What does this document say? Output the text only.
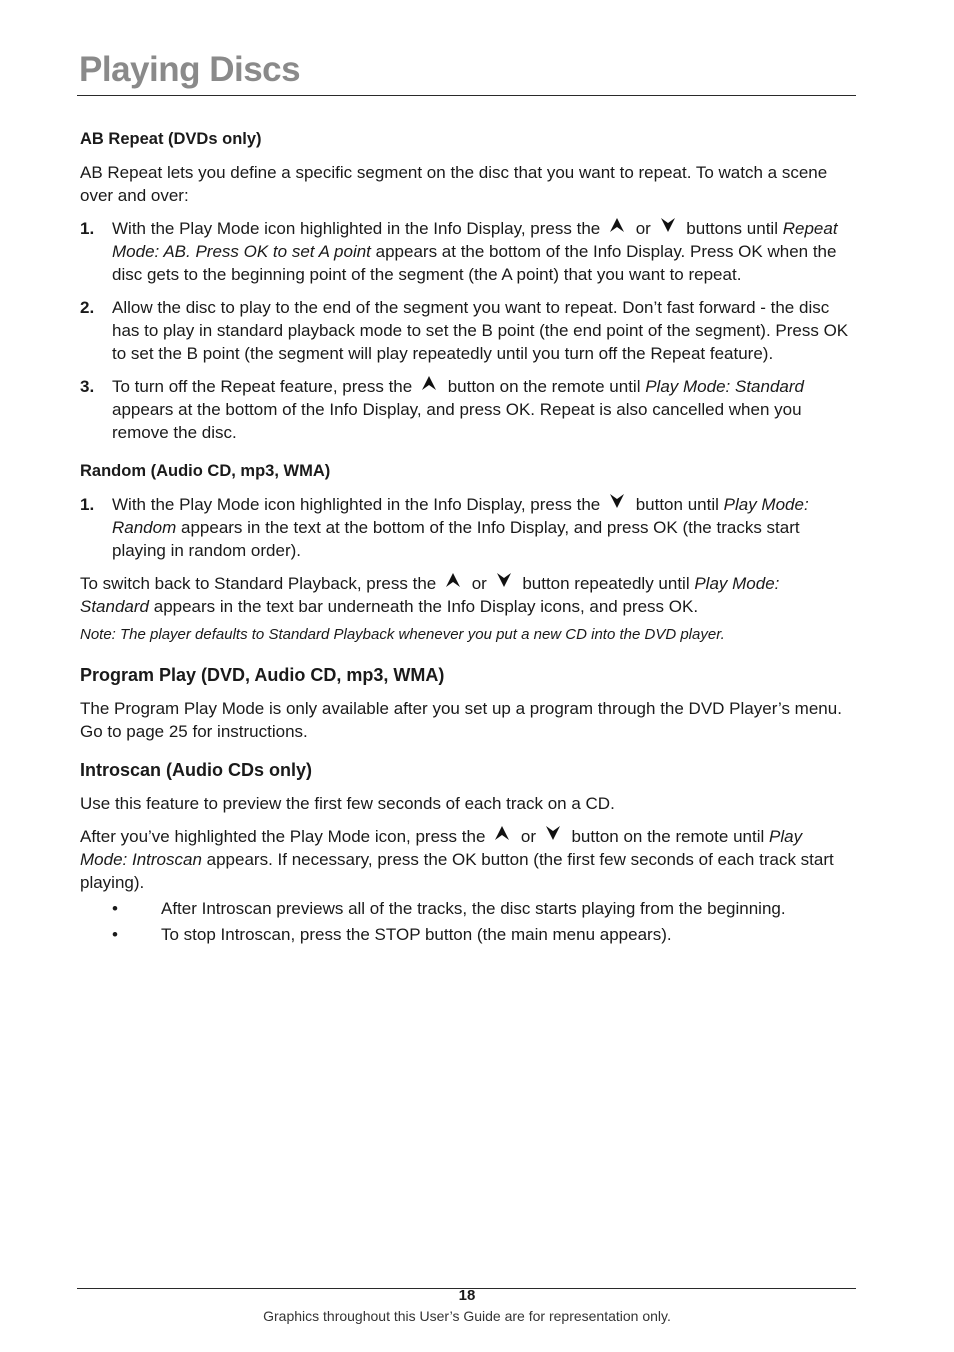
Playing Discs

AB Repeat (DVDs only)

AB Repeat lets you define a specific segment on the disc that you want to repeat. To watch a scene over and over:

1. With the Play Mode icon highlighted in the Info Display, press the or buttons until Repeat Mode: AB. Press OK to set A point appears at the bottom of the Info Display. Press OK when the disc gets to the beginning point of the segment (the A point) that you want to repeat.
2. Allow the disc to play to the end of the segment you want to repeat. Don’t fast forward - the disc has to play in standard playback mode to set the B point (the end point of the segment). Press OK to set the B point (the segment will play repeatedly until you turn off the Repeat feature).
3. To turn off the Repeat feature, press the button on the remote until Play Mode: Standard appears at the bottom of the Info Display, and press OK. Repeat is also cancelled when you remove the disc.

Random (Audio CD, mp3, WMA)

1. With the Play Mode icon highlighted in the Info Display, press the button until Play Mode: Random appears in the text at the bottom of the Info Display, and press OK (the tracks start playing in random order).

To switch back to Standard Playback, press the or button repeatedly until Play Mode: Standard appears in the text bar underneath the Info Display icons, and press OK.

Note: The player defaults to Standard Playback whenever you put a new CD into the DVD player.

Program Play (DVD, Audio CD, mp3, WMA)

The Program Play Mode is only available after you set up a program through the DVD Player’s menu. Go to page 25 for instructions.

Introscan (Audio CDs only)

Use this feature to preview the first few seconds of each track on a CD.

After you’ve highlighted the Play Mode icon, press the or button on the remote until Play Mode: Introscan appears. If necessary, press the OK button (the first few seconds of each track start playing).

•	After Introscan previews all of the tracks, the disc starts playing from the beginning.
•	To stop Introscan, press the STOP button (the main menu appears).
18
Graphics throughout this User’s Guide are for representation only.
